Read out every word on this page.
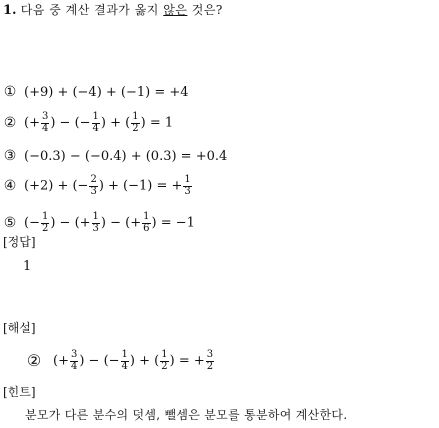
1. 다음 중 계산 결과가 옳지 않은 것은?
① (+9) + (−4) + (−1) = +4
② (+ $\frac{3}{4}$ ) − (− $\frac{1}{4}$ ) + ( $\frac{1}{2}$ ) = 1
③ (−0.3) − (−0.4) + (0.3) = +0.4
④ (+2) + (− $\frac{2}{3}$ ) + (−1) = + $\frac{1}{3}$
⑤ (− $\frac{1}{2}$ ) − (+ $\frac{1}{3}$ ) − (+ $\frac{1}{6}$ ) = −1
[정답]
1
[해설]
② (+ $\frac{3}{4}$ ) − (− $\frac{1}{4}$ ) + ( $\frac{1}{2}$ ) = + $\frac{3}{2}$
[힌트]
분모가 다른 분수의 덧셈, 뺄셈은 분모를 통분하여 계산한다.
